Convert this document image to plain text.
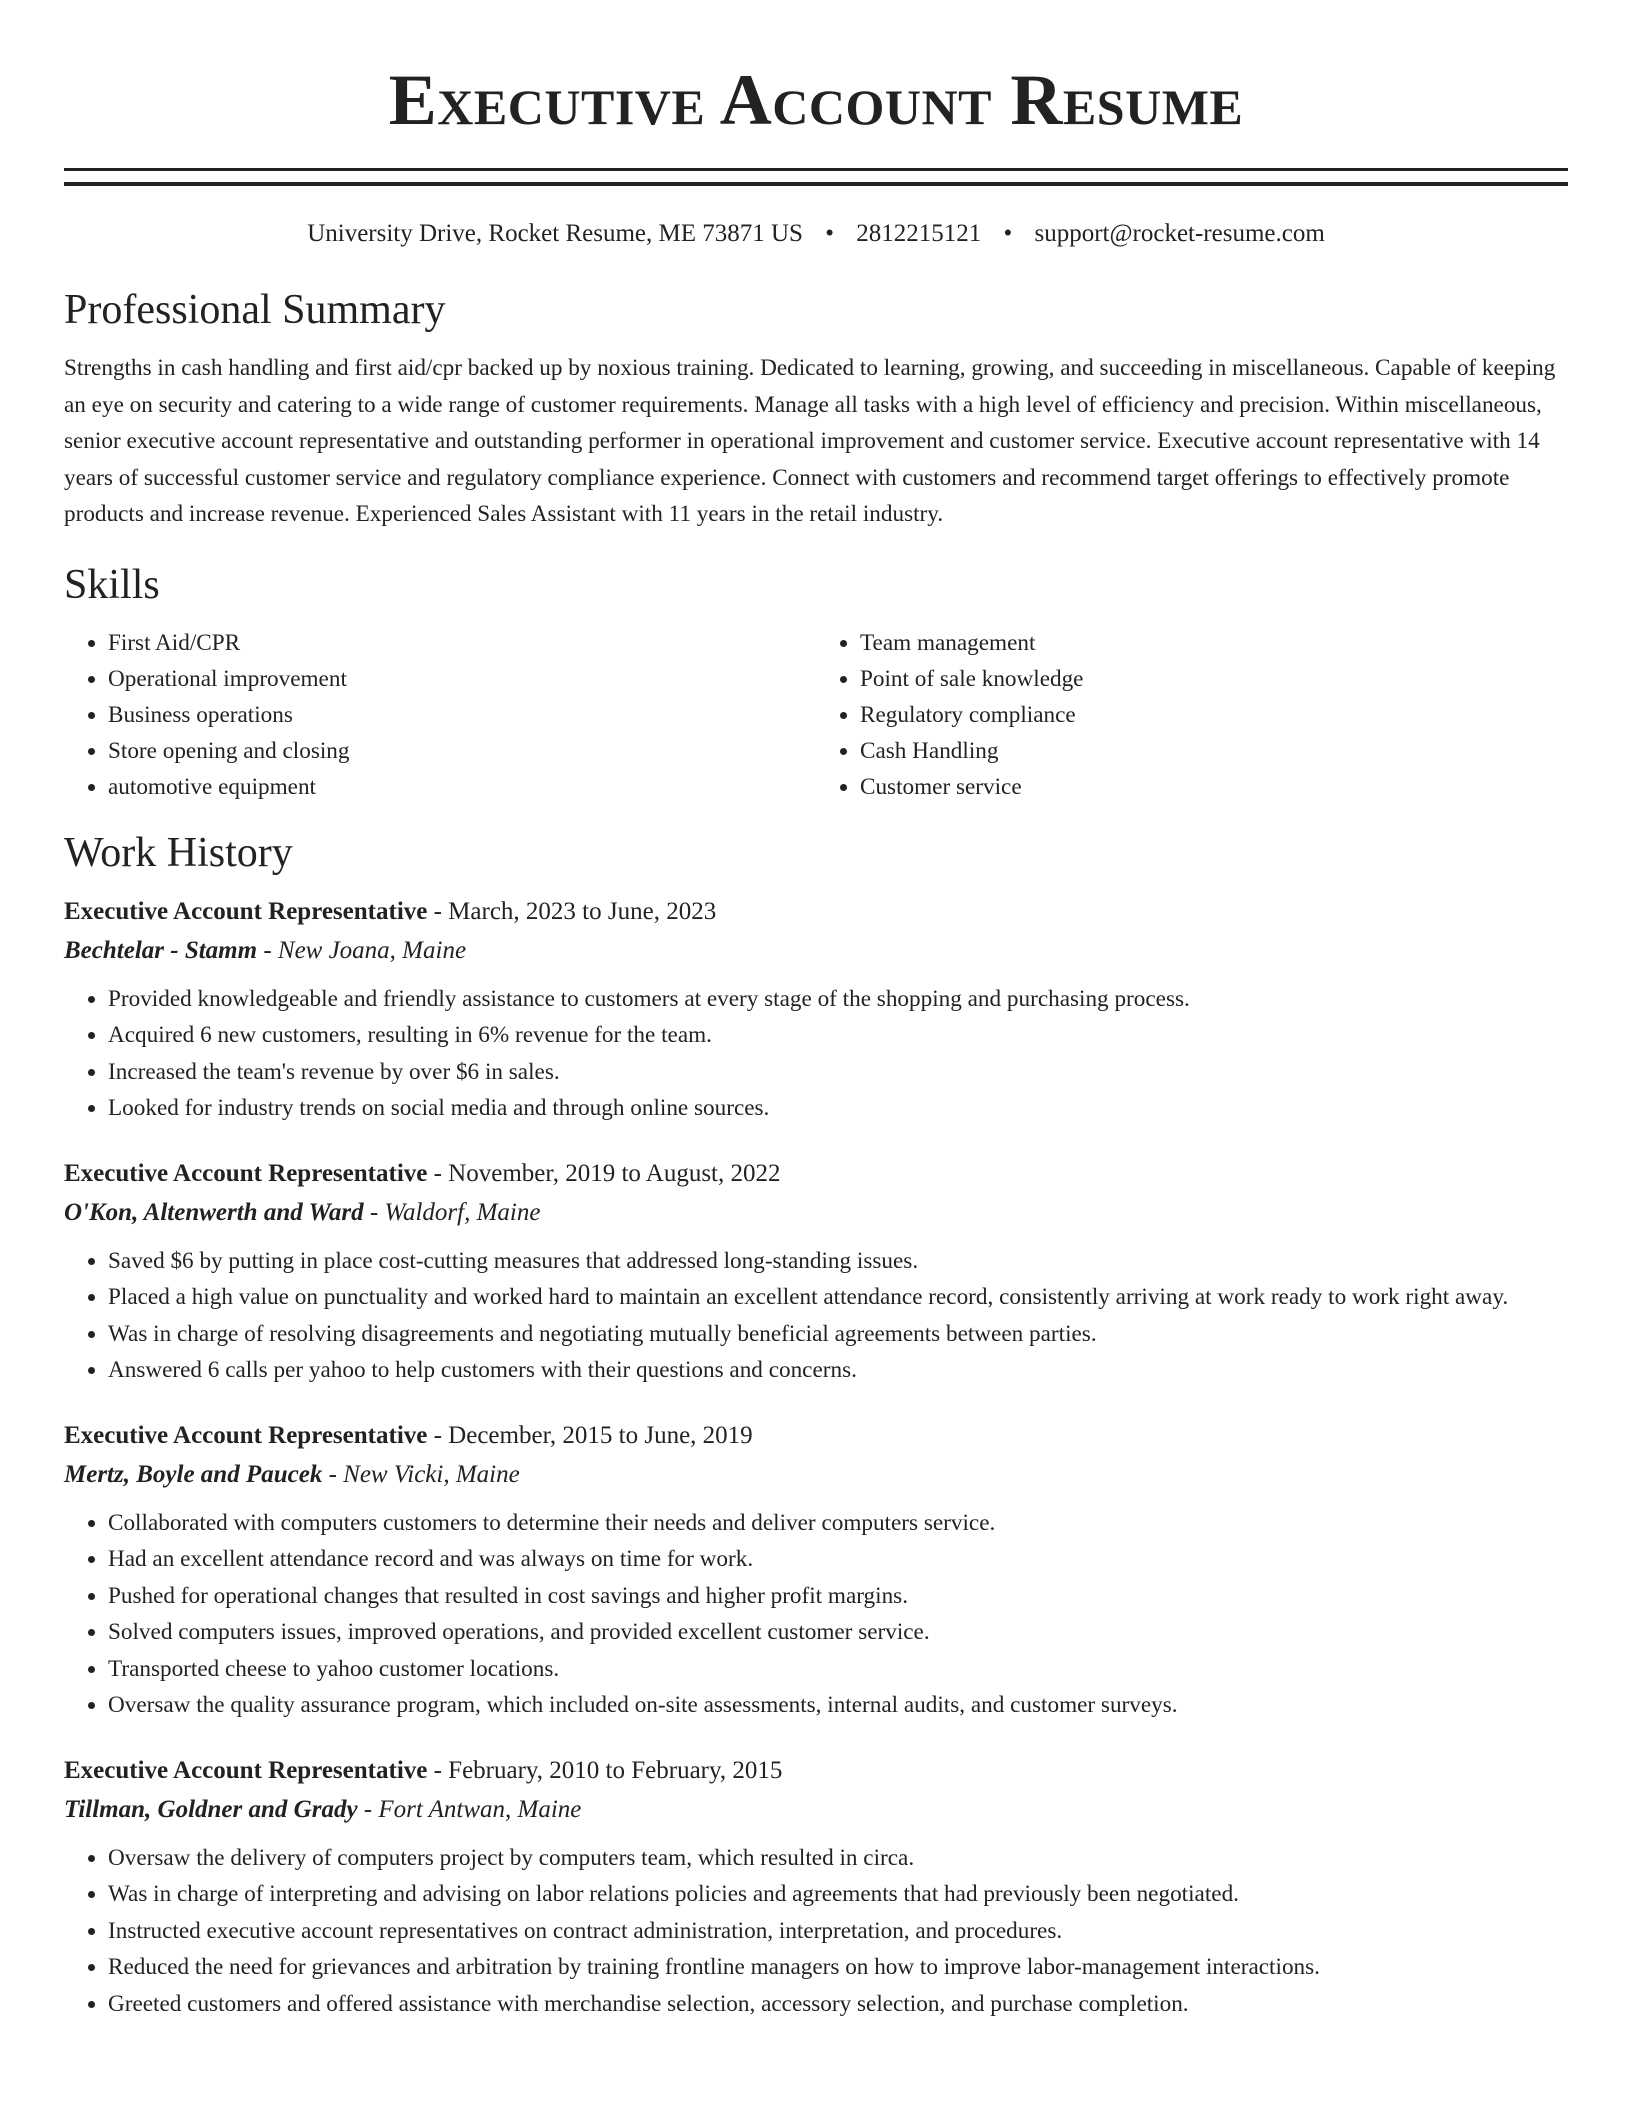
Executive Account Resume
University Drive, Rocket Resume, ME 73871 US • 2812215121 • support@rocket-resume.com
Professional Summary

Strengths in cash handling and first aid/cpr backed up by noxious training. Dedicated to learning, growing, and succeeding in miscellaneous. Capable of keeping an eye on security and catering to a wide range of customer requirements. Manage all tasks with a high level of efficiency and precision. Within miscellaneous, senior executive account representative and outstanding performer in operational improvement and customer service. Executive account representative with 14 years of successful customer service and regulatory compliance experience. Connect with customers and recommend target offerings to effectively promote products and increase revenue. Experienced Sales Assistant with 11 years in the retail industry.

Skills
• First Aid/CPR
• Operational improvement
• Business operations
• Store opening and closing
• automotive equipment
• Team management
• Point of sale knowledge
• Regulatory compliance
• Cash Handling
• Customer service
Work History
Executive Account Representative - March, 2023 to June, 2023
Bechtelar - Stamm - New Joana, Maine
• Provided knowledgeable and friendly assistance to customers at every stage of the shopping and purchasing process.
• Acquired 6 new customers, resulting in 6% revenue for the team.
• Increased the team's revenue by over $6 in sales.
• Looked for industry trends on social media and through online sources.
Executive Account Representative - November, 2019 to August, 2022
O'Kon, Altenwerth and Ward - Waldorf, Maine
• Saved $6 by putting in place cost-cutting measures that addressed long-standing issues.
• Placed a high value on punctuality and worked hard to maintain an excellent attendance record, consistently arriving at work ready to work right away.
• Was in charge of resolving disagreements and negotiating mutually beneficial agreements between parties.
• Answered 6 calls per yahoo to help customers with their questions and concerns.
Executive Account Representative - December, 2015 to June, 2019
Mertz, Boyle and Paucek - New Vicki, Maine
• Collaborated with computers customers to determine their needs and deliver computers service.
• Had an excellent attendance record and was always on time for work.
• Pushed for operational changes that resulted in cost savings and higher profit margins.
• Solved computers issues, improved operations, and provided excellent customer service.
• Transported cheese to yahoo customer locations.
• Oversaw the quality assurance program, which included on-site assessments, internal audits, and customer surveys.
Executive Account Representative - February, 2010 to February, 2015
Tillman, Goldner and Grady - Fort Antwan, Maine
• Oversaw the delivery of computers project by computers team, which resulted in circa.
• Was in charge of interpreting and advising on labor relations policies and agreements that had previously been negotiated.
• Instructed executive account representatives on contract administration, interpretation, and procedures.
• Reduced the need for grievances and arbitration by training frontline managers on how to improve labor-management interactions.
• Greeted customers and offered assistance with merchandise selection, accessory selection, and purchase completion.
